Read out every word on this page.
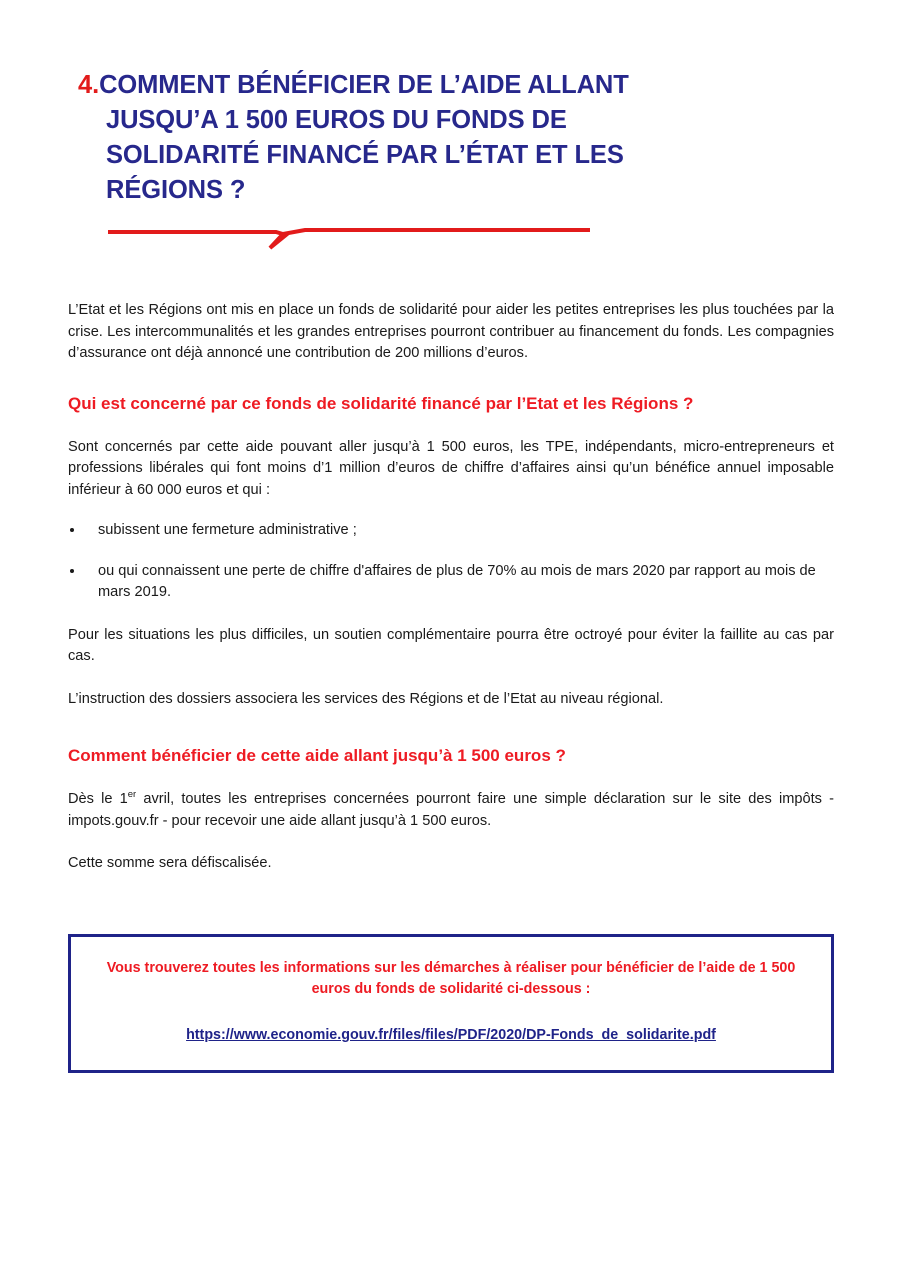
4.COMMENT BÉNÉFICIER DE L’AIDE ALLANT
JUSQU’A 1 500 EUROS DU FONDS DE
SOLIDARITÉ FINANCÉ PAR L’ÉTAT ET LES
RÉGIONS ?

L’Etat et les Régions ont mis en place un fonds de solidarité pour aider les petites entreprises les plus touchées par la crise. Les intercommunalités et les grandes entreprises pourront contribuer au financement du fonds. Les compagnies d’assurance ont déjà annoncé une contribution de 200 millions d’euros.

Qui est concerné par ce fonds de solidarité financé par l’Etat et les Régions ?

Sont concernés par cette aide pouvant aller jusqu’à 1 500 euros, les TPE, indépendants, micro-entrepreneurs et professions libérales qui font moins d’1 million d’euros de chiffre d’affaires ainsi qu’un bénéfice annuel imposable inférieur à 60 000 euros et qui :

subissent une fermeture administrative ;
ou qui connaissent une perte de chiffre d'affaires de plus de 70% au mois de mars 2020 par rapport au mois de mars 2019.

Pour les situations les plus difficiles, un soutien complémentaire pourra être octroyé pour éviter la faillite au cas par cas.

L’instruction des dossiers associera les services des Régions et de l’Etat au niveau régional.

Comment bénéficier de cette aide allant jusqu’à 1 500 euros ?

Dès le 1er avril, toutes les entreprises concernées pourront faire une simple déclaration sur le site des impôts - impots.gouv.fr - pour recevoir une aide allant jusqu’à 1 500 euros.

Cette somme sera défiscalisée.

Vous trouverez toutes les informations sur les démarches à réaliser pour bénéficier de l’aide de 1 500 euros du fonds de solidarité ci-dessous :

https://www.economie.gouv.fr/files/files/PDF/2020/DP-Fonds_de_solidarite.pdf
